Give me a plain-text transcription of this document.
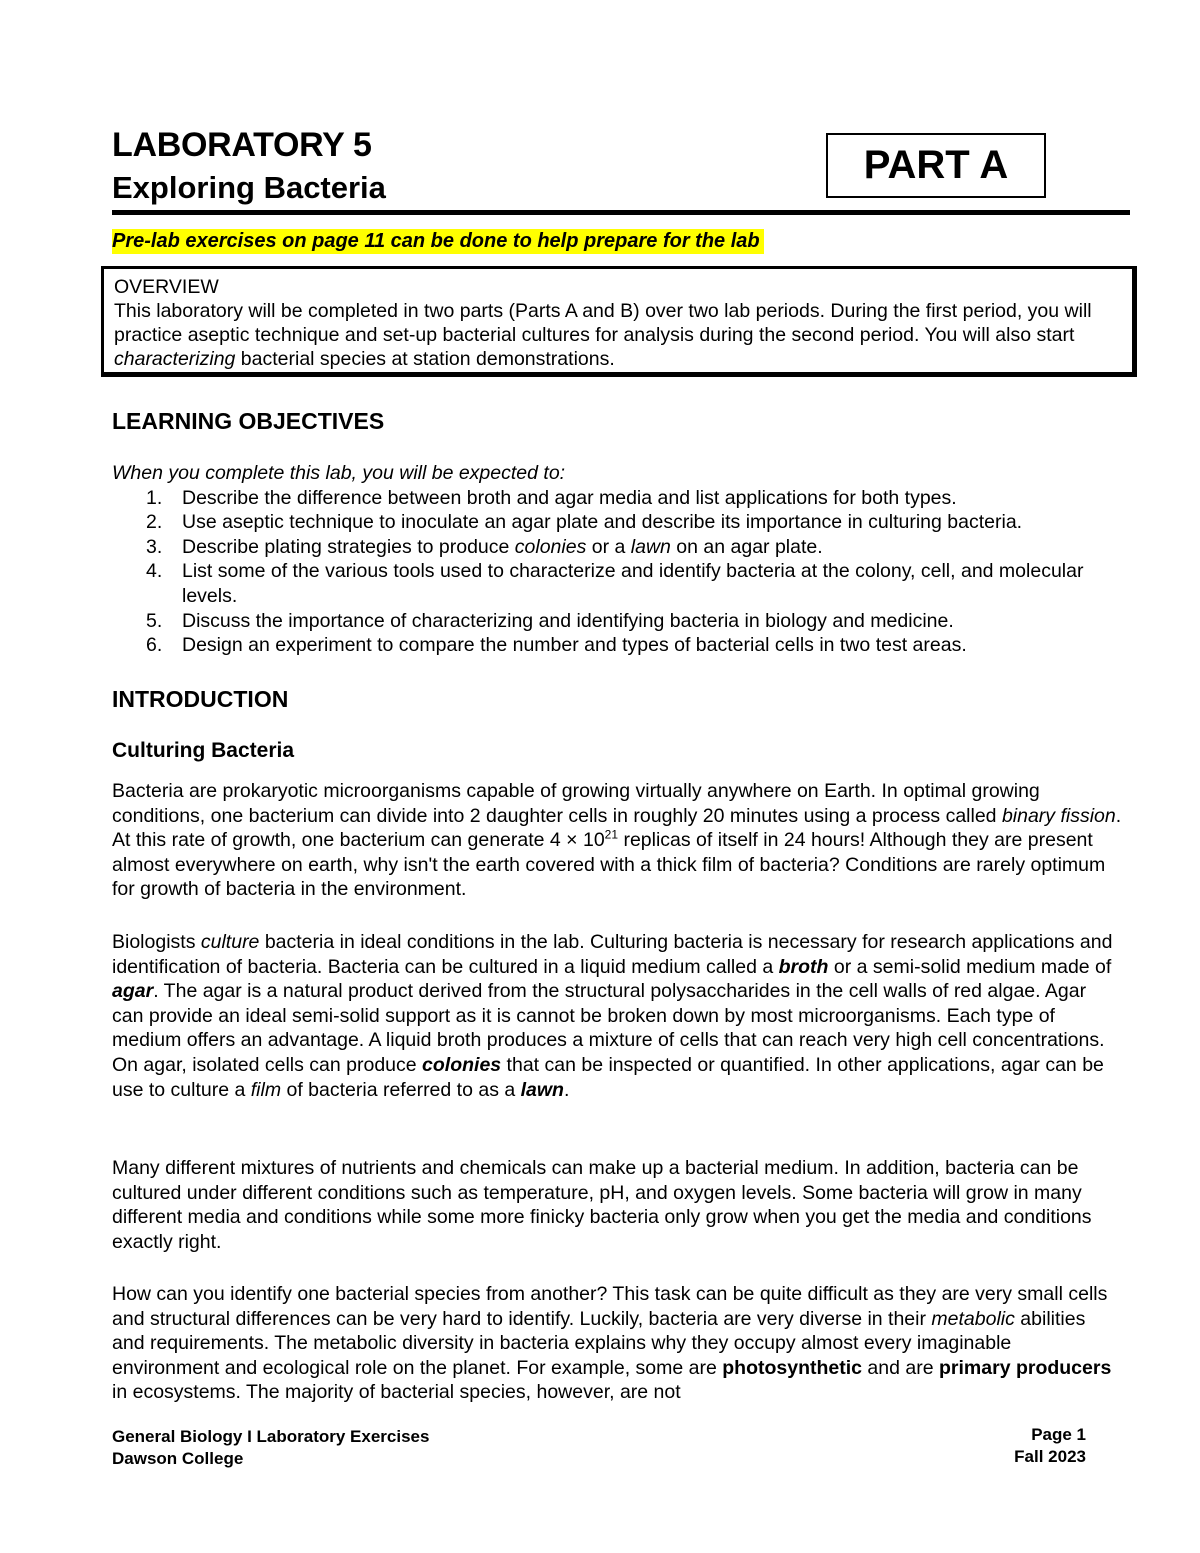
LABORATORY 5
Exploring Bacteria
PART A
Pre-lab exercises on page 11 can be done to help prepare for the lab
OVERVIEW
This laboratory will be completed in two parts (Parts A and B) over two lab periods. During the first period, you will practice aseptic technique and set-up bacterial cultures for analysis during the second period. You will also start characterizing bacterial species at station demonstrations.
LEARNING OBJECTIVES
When you complete this lab, you will be expected to:
1. Describe the difference between broth and agar media and list applications for both types.
2. Use aseptic technique to inoculate an agar plate and describe its importance in culturing bacteria.
3. Describe plating strategies to produce colonies or a lawn on an agar plate.
4. List some of the various tools used to characterize and identify bacteria at the colony, cell, and molecular levels.
5. Discuss the importance of characterizing and identifying bacteria in biology and medicine.
6. Design an experiment to compare the number and types of bacterial cells in two test areas.
INTRODUCTION
Culturing Bacteria
Bacteria are prokaryotic microorganisms capable of growing virtually anywhere on Earth. In optimal growing conditions, one bacterium can divide into 2 daughter cells in roughly 20 minutes using a process called binary fission. At this rate of growth, one bacterium can generate $4 \times 10^{21}$ replicas of itself in 24 hours! Although they are present almost everywhere on earth, why isn't the earth covered with a thick film of bacteria? Conditions are rarely optimum for growth of bacteria in the environment.
Biologists culture bacteria in ideal conditions in the lab. Culturing bacteria is necessary for research applications and identification of bacteria. Bacteria can be cultured in a liquid medium called a broth or a semi-solid medium made of agar. The agar is a natural product derived from the structural polysaccharides in the cell walls of red algae. Agar can provide an ideal semi-solid support as it is cannot be broken down by most microorganisms. Each type of medium offers an advantage. A liquid broth produces a mixture of cells that can reach very high cell concentrations. On agar, isolated cells can produce colonies that can be inspected or quantified. In other applications, agar can be use to culture a film of bacteria referred to as a lawn.
Many different mixtures of nutrients and chemicals can make up a bacterial medium. In addition, bacteria can be cultured under different conditions such as temperature, pH, and oxygen levels. Some bacteria will grow in many different media and conditions while some more finicky bacteria only grow when you get the media and conditions exactly right.
How can you identify one bacterial species from another? This task can be quite difficult as they are very small cells and structural differences can be very hard to identify. Luckily, bacteria are very diverse in their metabolic abilities and requirements. The metabolic diversity in bacteria explains why they occupy almost every imaginable environment and ecological role on the planet. For example, some are photosynthetic and are primary producers in ecosystems. The majority of bacterial species, however, are not
General Biology I Laboratory Exercises
Dawson College
Page 1
Fall 2023
